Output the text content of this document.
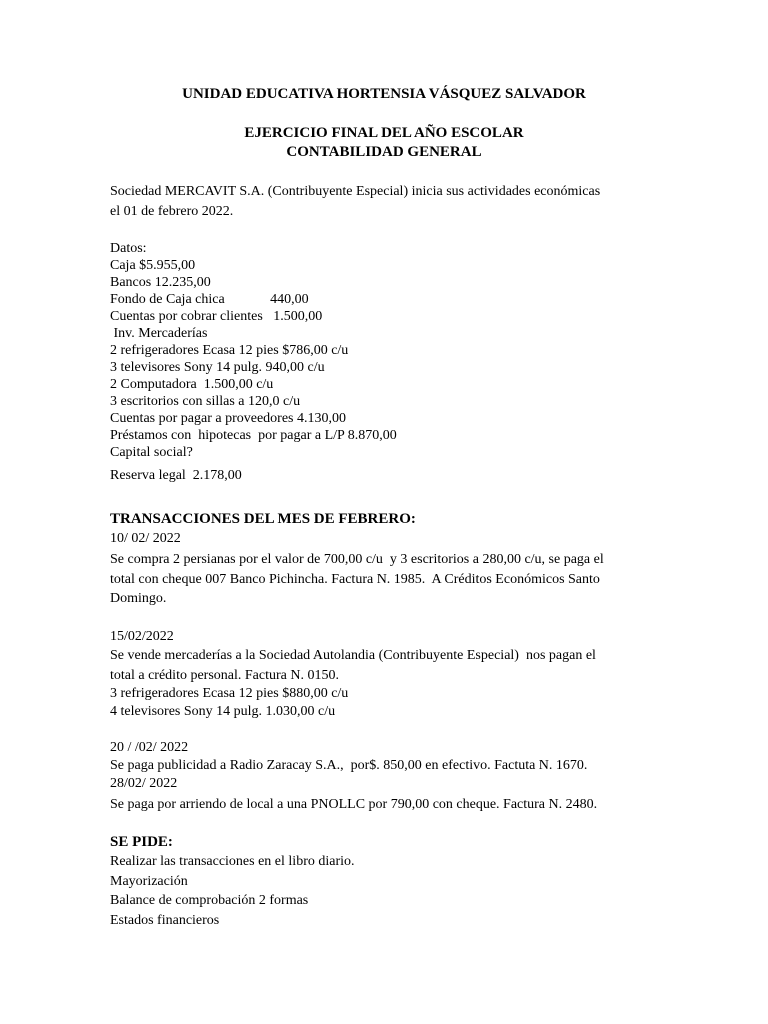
UNIDAD EDUCATIVA HORTENSIA VÁSQUEZ SALVADOR
EJERCICIO FINAL DEL AÑO ESCOLAR
CONTABILIDAD GENERAL
Sociedad MERCAVIT S.A. (Contribuyente Especial) inicia sus actividades económicas
el 01 de febrero 2022.
Datos:
Caja $5.955,00
Bancos 12.235,00
Fondo de Caja chica             440,00
Cuentas por cobrar clientes   1.500,00
Inv. Mercaderías
2 refrigeradores Ecasa 12 pies $786,00 c/u
3 televisores Sony 14 pulg. 940,00 c/u
2 Computadora  1.500,00 c/u
3 escritorios con sillas a 120,0 c/u
Cuentas por pagar a proveedores 4.130,00
Préstamos con  hipotecas  por pagar a L/P 8.870,00
Capital social?
Reserva legal  2.178,00
TRANSACCIONES DEL MES DE FEBRERO:
10/ 02/ 2022
Se compra 2 persianas por el valor de 700,00 c/u  y 3 escritorios a 280,00 c/u, se paga el
total con cheque 007 Banco Pichincha. Factura N. 1985.  A Créditos Económicos Santo
Domingo.
15/02/2022
Se vende mercaderías a la Sociedad Autolandia (Contribuyente Especial)  nos pagan el
total a crédito personal. Factura N. 0150.
3 refrigeradores Ecasa 12 pies $880,00 c/u
4 televisores Sony 14 pulg. 1.030,00 c/u
20 / /02/ 2022
Se paga publicidad a Radio Zaracay S.A.,  por$. 850,00 en efectivo. Factuta N. 1670.
28/02/ 2022
Se paga por arriendo de local a una PNOLLC por 790,00 con cheque. Factura N. 2480.
SE PIDE:
Realizar las transacciones en el libro diario.
Mayorización
Balance de comprobación 2 formas
Estados financieros
